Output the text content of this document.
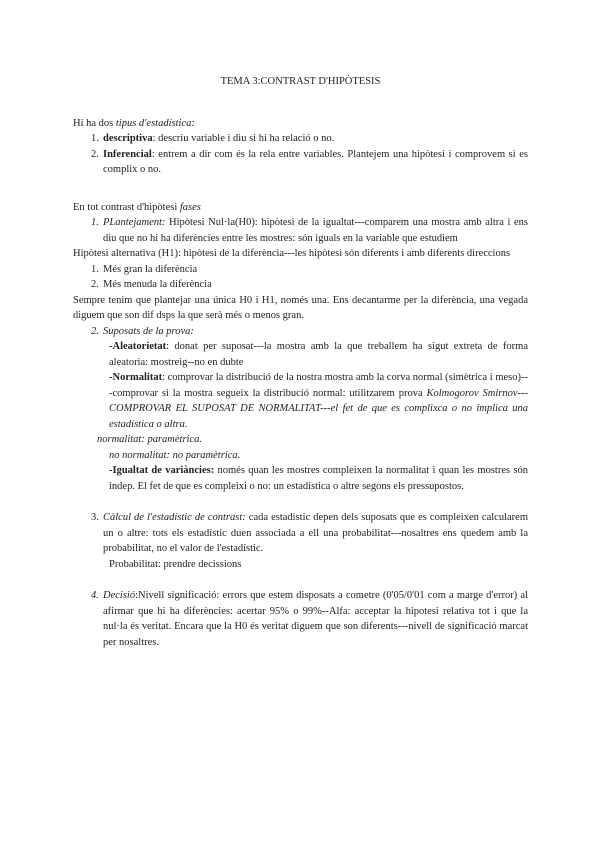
TEMA 3:CONTRAST D'HIPÒTESIS

Hi ha dos tipus d'estadística:

1. descriptiva: descriu variable i diu si hi ha relació o no.
2. Inferencial: entrem a dir com és la rela entre variables. Plantejem una hipòtesi i comprovem si es complix o no.

En tot contrast d'hipòtesi fases

1. PLantejament: Hipòtesi Nul·la(H0): hipòtesi de la igualtat---comparem una mostra amb altra i ens diu que no hi ha diferències entre les mostres: són iguals en la variable que estudiem

Hipòtesi alternativa (H1): hipòtesi de la diferència---les hipòtesi són diferents i amb diferents direccions

1. Més gran la diferència
2. Més menuda la diferència

Sempre tenim que plantejar una única H0 i H1, només una. Ens decantarme per la diferència, una vegada diguem que son dif dsps la que serà més o menos gran.

2. Suposats de la prova:

-Aleatorietat: donat per suposat---la mostra amb la que treballem ha sigut extreta de forma aleatoria: mostreig--no en dubte

-Normalitat: comprovar la distribució de la nostra mostra amb la corva normal (simètrica i meso)---comprovar si la mostra segueix la distribució normal: utilitzarem prova Kolmogorov Smirnov---COMPROVAR EL SUPOSAT DE NORMALITAT---el fet de que es complixca o no implica una estadística o altra.

normalitat: paramètrica.

no normalitat: no paramètrica.

-Igualtat de variàncies: només quan les mostres compleixen la normalitat i quan les mostres són indep. El fet de que es compleixi o no: un estadística o altre segons els pressupostos.

3. Càlcul de l'estadístic de contrast: cada estadistic depen dels suposats que es compleixen calcularem un o altre: tots els estadístic duen associada a ell una probabilitat---nosaltres ens quedem amb la probabilitat, no el valor de l'estadístic.

Probabilitat: prendre decissions

4. Decisió:Nivell significació: errors que estem disposats a cometre (0'05/0'01 com a marge d'error) al afirmar que hi ha diferències: acertar 95% o 99%--Alfa: acceptar la hipotesi relativa tot i que la nul·la és veritat. Encara que la H0 és veritat diguem que son diferents---nivell de significació marcat per nosaltres.
